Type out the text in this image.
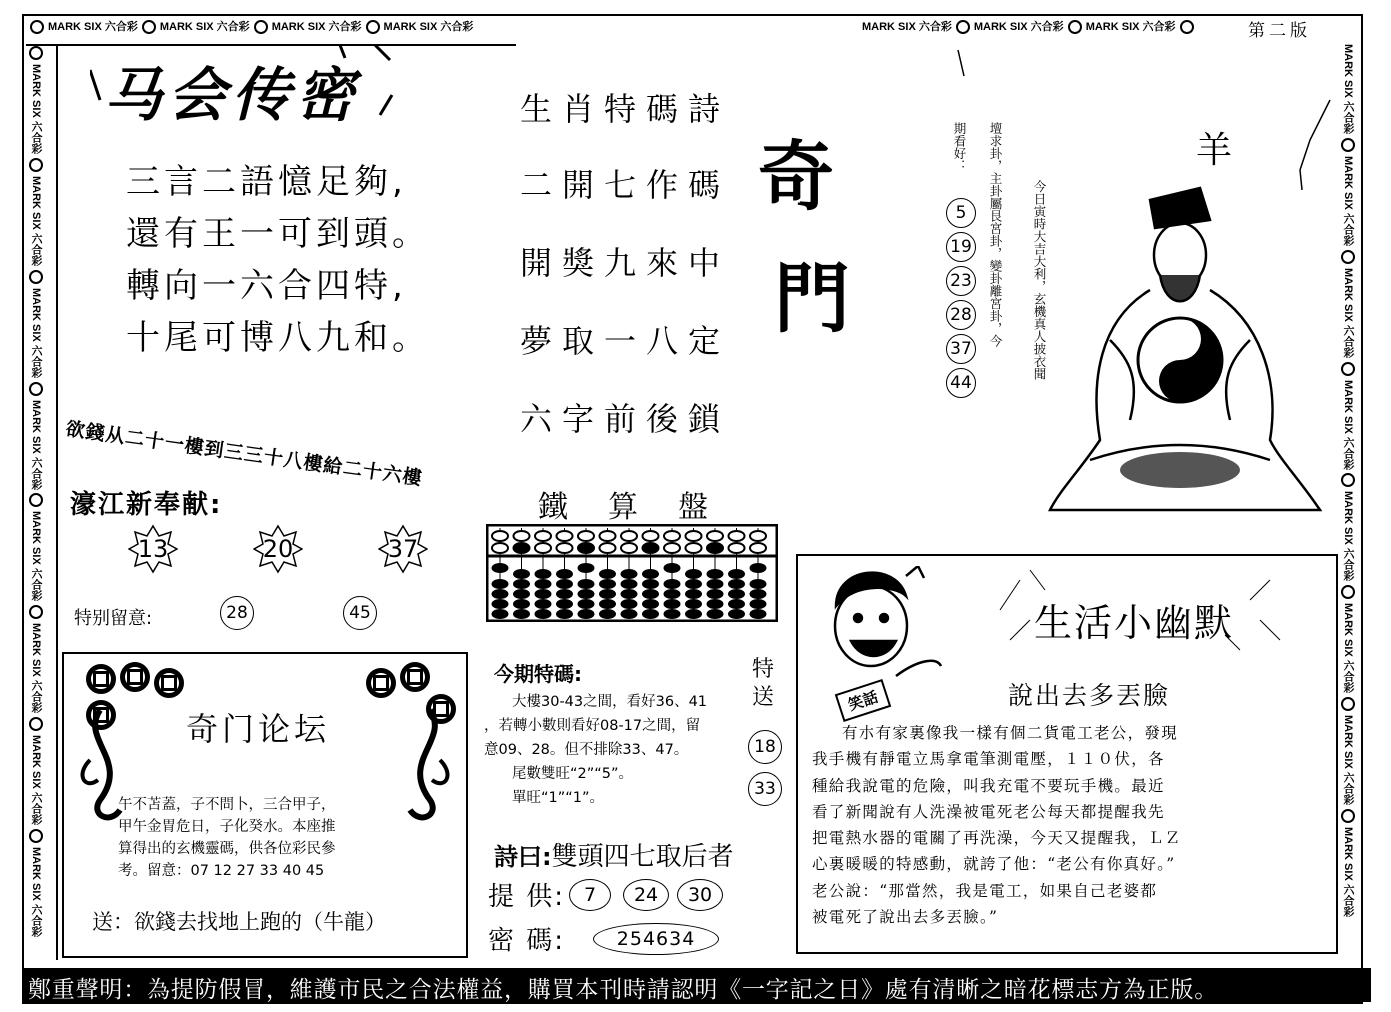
MARK SIX 六合彩 MARK SIX 六合彩 MARK SIX 六合彩 MARK SIX 六合彩	MARK SIX 六合彩 MARK SIX 六合彩 MARK SIX 六合彩	第二版
MARK SIX 六合彩
MARK SIX 六合彩
MARK SIX 六合彩
MARK SIX 六合彩
MARK SIX 六合彩
MARK SIX 六合彩
MARK SIX 六合彩
MARK SIX 六合彩
MARK SIX 六合彩
MARK SIX 六合彩
MARK SIX 六合彩
MARK SIX 六合彩
MARK SIX 六合彩
MARK SIX 六合彩
MARK SIX 六合彩
MARK SIX 六合彩
马会传密
三言二語憶足夠,
還有王一可到頭。
轉向一六合四特,
十尾可博八九和。
欲錢从二十一樓到三三十八樓給二十六樓
濠江新奉献:
13	20	37
特别留意:	28	45
生肖特碼詩
二開七作碼
開獎九來中
夢取一八定
六字前後鎖
奇
門
鐵算盤
今期特碼:
大樓30-43之間，看好36、41
，若轉小數則看好08-17之間，留
意09、28。但不排除33、47。
尾數雙旺“2”“5”。
單旺“1”“1”。
特送
18
33
詩曰:雙頭四七取后者
提 供: 7	24	30
密 碼:	254634
奇门论坛
午不苫蓋，子不問卜，三合甲子，
甲午金胃危日，子化癸水。本座推
算得出的玄機靈碼，供各位彩民參
考。留意：07 12 27 33 40 45
送：欲錢去找地上跑的（牛龍）
羊
今日寅時大吉大利，玄機真人披衣聞
壇求卦，主卦屬艮宮卦，變卦離宮卦，今
期看好：
5
19
23
28
37
44
生活小幽默
說出去多丟臉
笑話
有朩有家裏像我一樣有個二貨電工老公，發現
我手機有靜電立馬拿電筆測電壓，１１０伏，各
種給我說電的危險，叫我充電不要玩手機。最近
看了新聞說有人洗澡被電死老公每天都提醒我先
把電熱水器的電關了再洗澡，今天又提醒我，ＬＺ
心裏暖暖的特感動，就誇了他：“老公有你真好。”
老公說：“那當然，我是電工，如果自己老婆都
被電死了說出去多丟臉。”
鄭重聲明：為提防假冒，維護市民之合法權益，購買本刊時請認明《一字記之日》處有清晰之暗花標志方為正版。
